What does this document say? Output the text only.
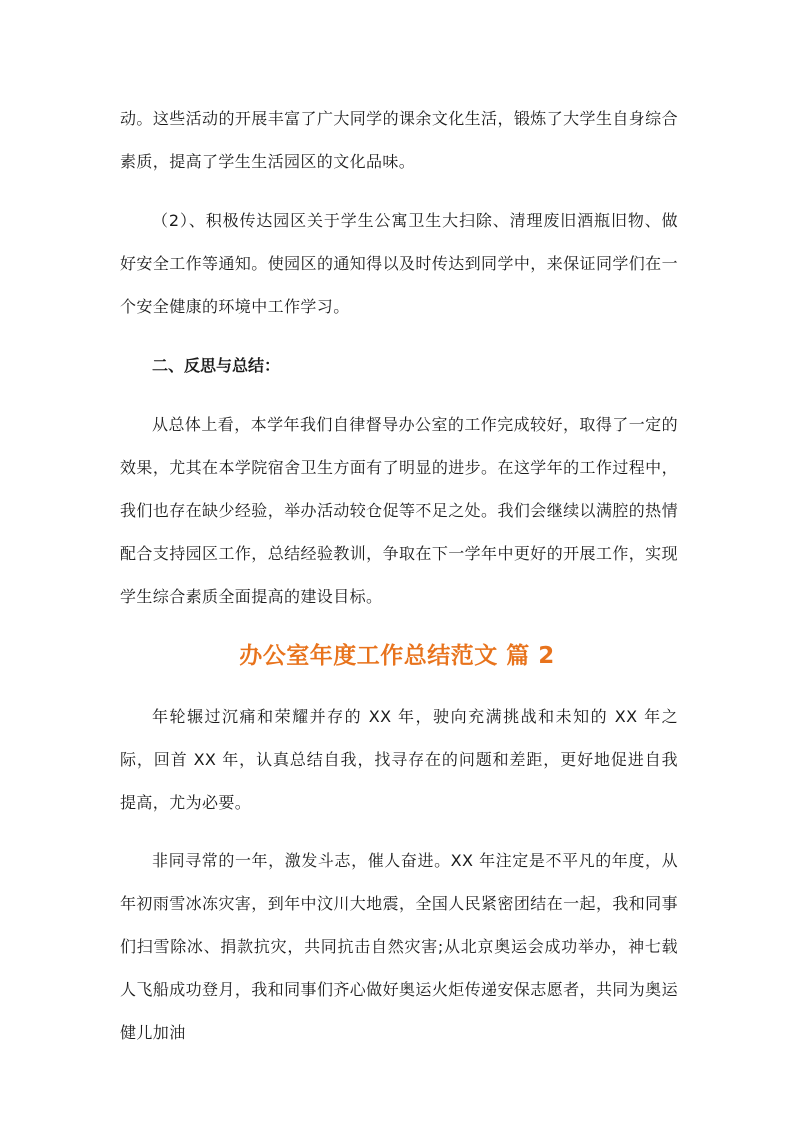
动。这些活动的开展丰富了广大同学的课余文化生活，锻炼了大学生自身综合素质，提高了学生生活园区的文化品味。

（2）、积极传达园区关于学生公寓卫生大扫除、清理废旧酒瓶旧物、做好安全工作等通知。使园区的通知得以及时传达到同学中，来保证同学们在一个安全健康的环境中工作学习。

二、反思与总结：

从总体上看，本学年我们自律督导办公室的工作完成较好，取得了一定的效果，尤其在本学院宿舍卫生方面有了明显的进步。在这学年的工作过程中，我们也存在缺少经验，举办活动较仓促等不足之处。我们会继续以满腔的热情配合支持园区工作，总结经验教训，争取在下一学年中更好的开展工作，实现学生综合素质全面提高的建设目标。

办公室年度工作总结范文 篇 2

年轮辗过沉痛和荣耀并存的 XX 年，驶向充满挑战和未知的 XX 年之际，回首 XX 年，认真总结自我，找寻存在的问题和差距，更好地促进自我提高，尤为必要。

非同寻常的一年，激发斗志，催人奋进。XX 年注定是不平凡的年度，从年初雨雪冰冻灾害，到年中汶川大地震，全国人民紧密团结在一起，我和同事们扫雪除冰、捐款抗灾，共同抗击自然灾害;从北京奥运会成功举办，神七载人飞船成功登月，我和同事们齐心做好奥运火炬传递安保志愿者，共同为奥运健儿加油
